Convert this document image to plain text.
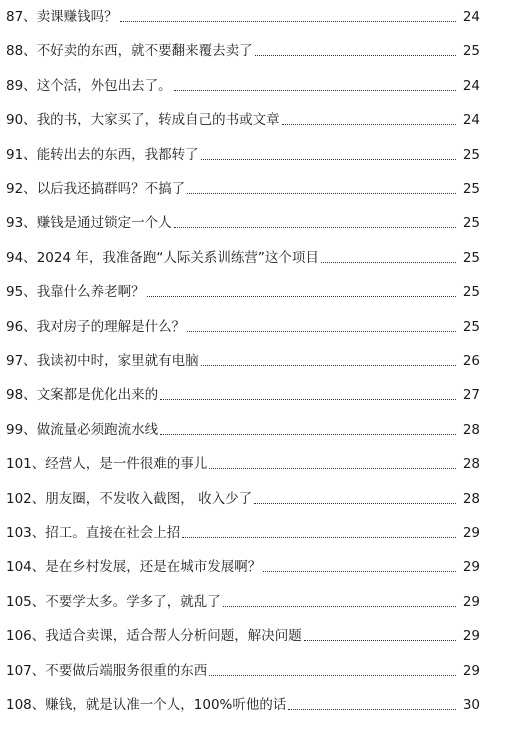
87、 卖课赚钱吗？	24
88、 不好卖的东西，就不要翻来覆去卖了	25
89、 这个活，外包出去了。	24
90、 我的书，大家买了，转成自己的书或文章	24
91、 能转出去的东西，我都转了	25
92、 以后我还搞群吗？不搞了	25
93、 赚钱是通过锁定一个人	25
94、 2024 年，我准备跑“人际关系训练营”这个项目	25
95、 我靠什么养老啊？	25
96、 我对房子的理解是什么？	25
97、 我读初中时，家里就有电脑	26
98、 文案都是优化出来的	27
99、 做流量必须跑流水线	28
101、 经营人，是一件很难的事儿	28
102、 朋友圈，不发收入截图， 收入少了	28
103、 招工。直接在社会上招	29
104、 是在乡村发展，还是在城市发展啊？	29
105、 不要学太多。学多了，就乱了	29
106、 我适合卖课，适合帮人分析问题，解决问题	29
107、 不要做后端服务很重的东西	29
108、 赚钱，就是认准一个人，100%听他的话	30
